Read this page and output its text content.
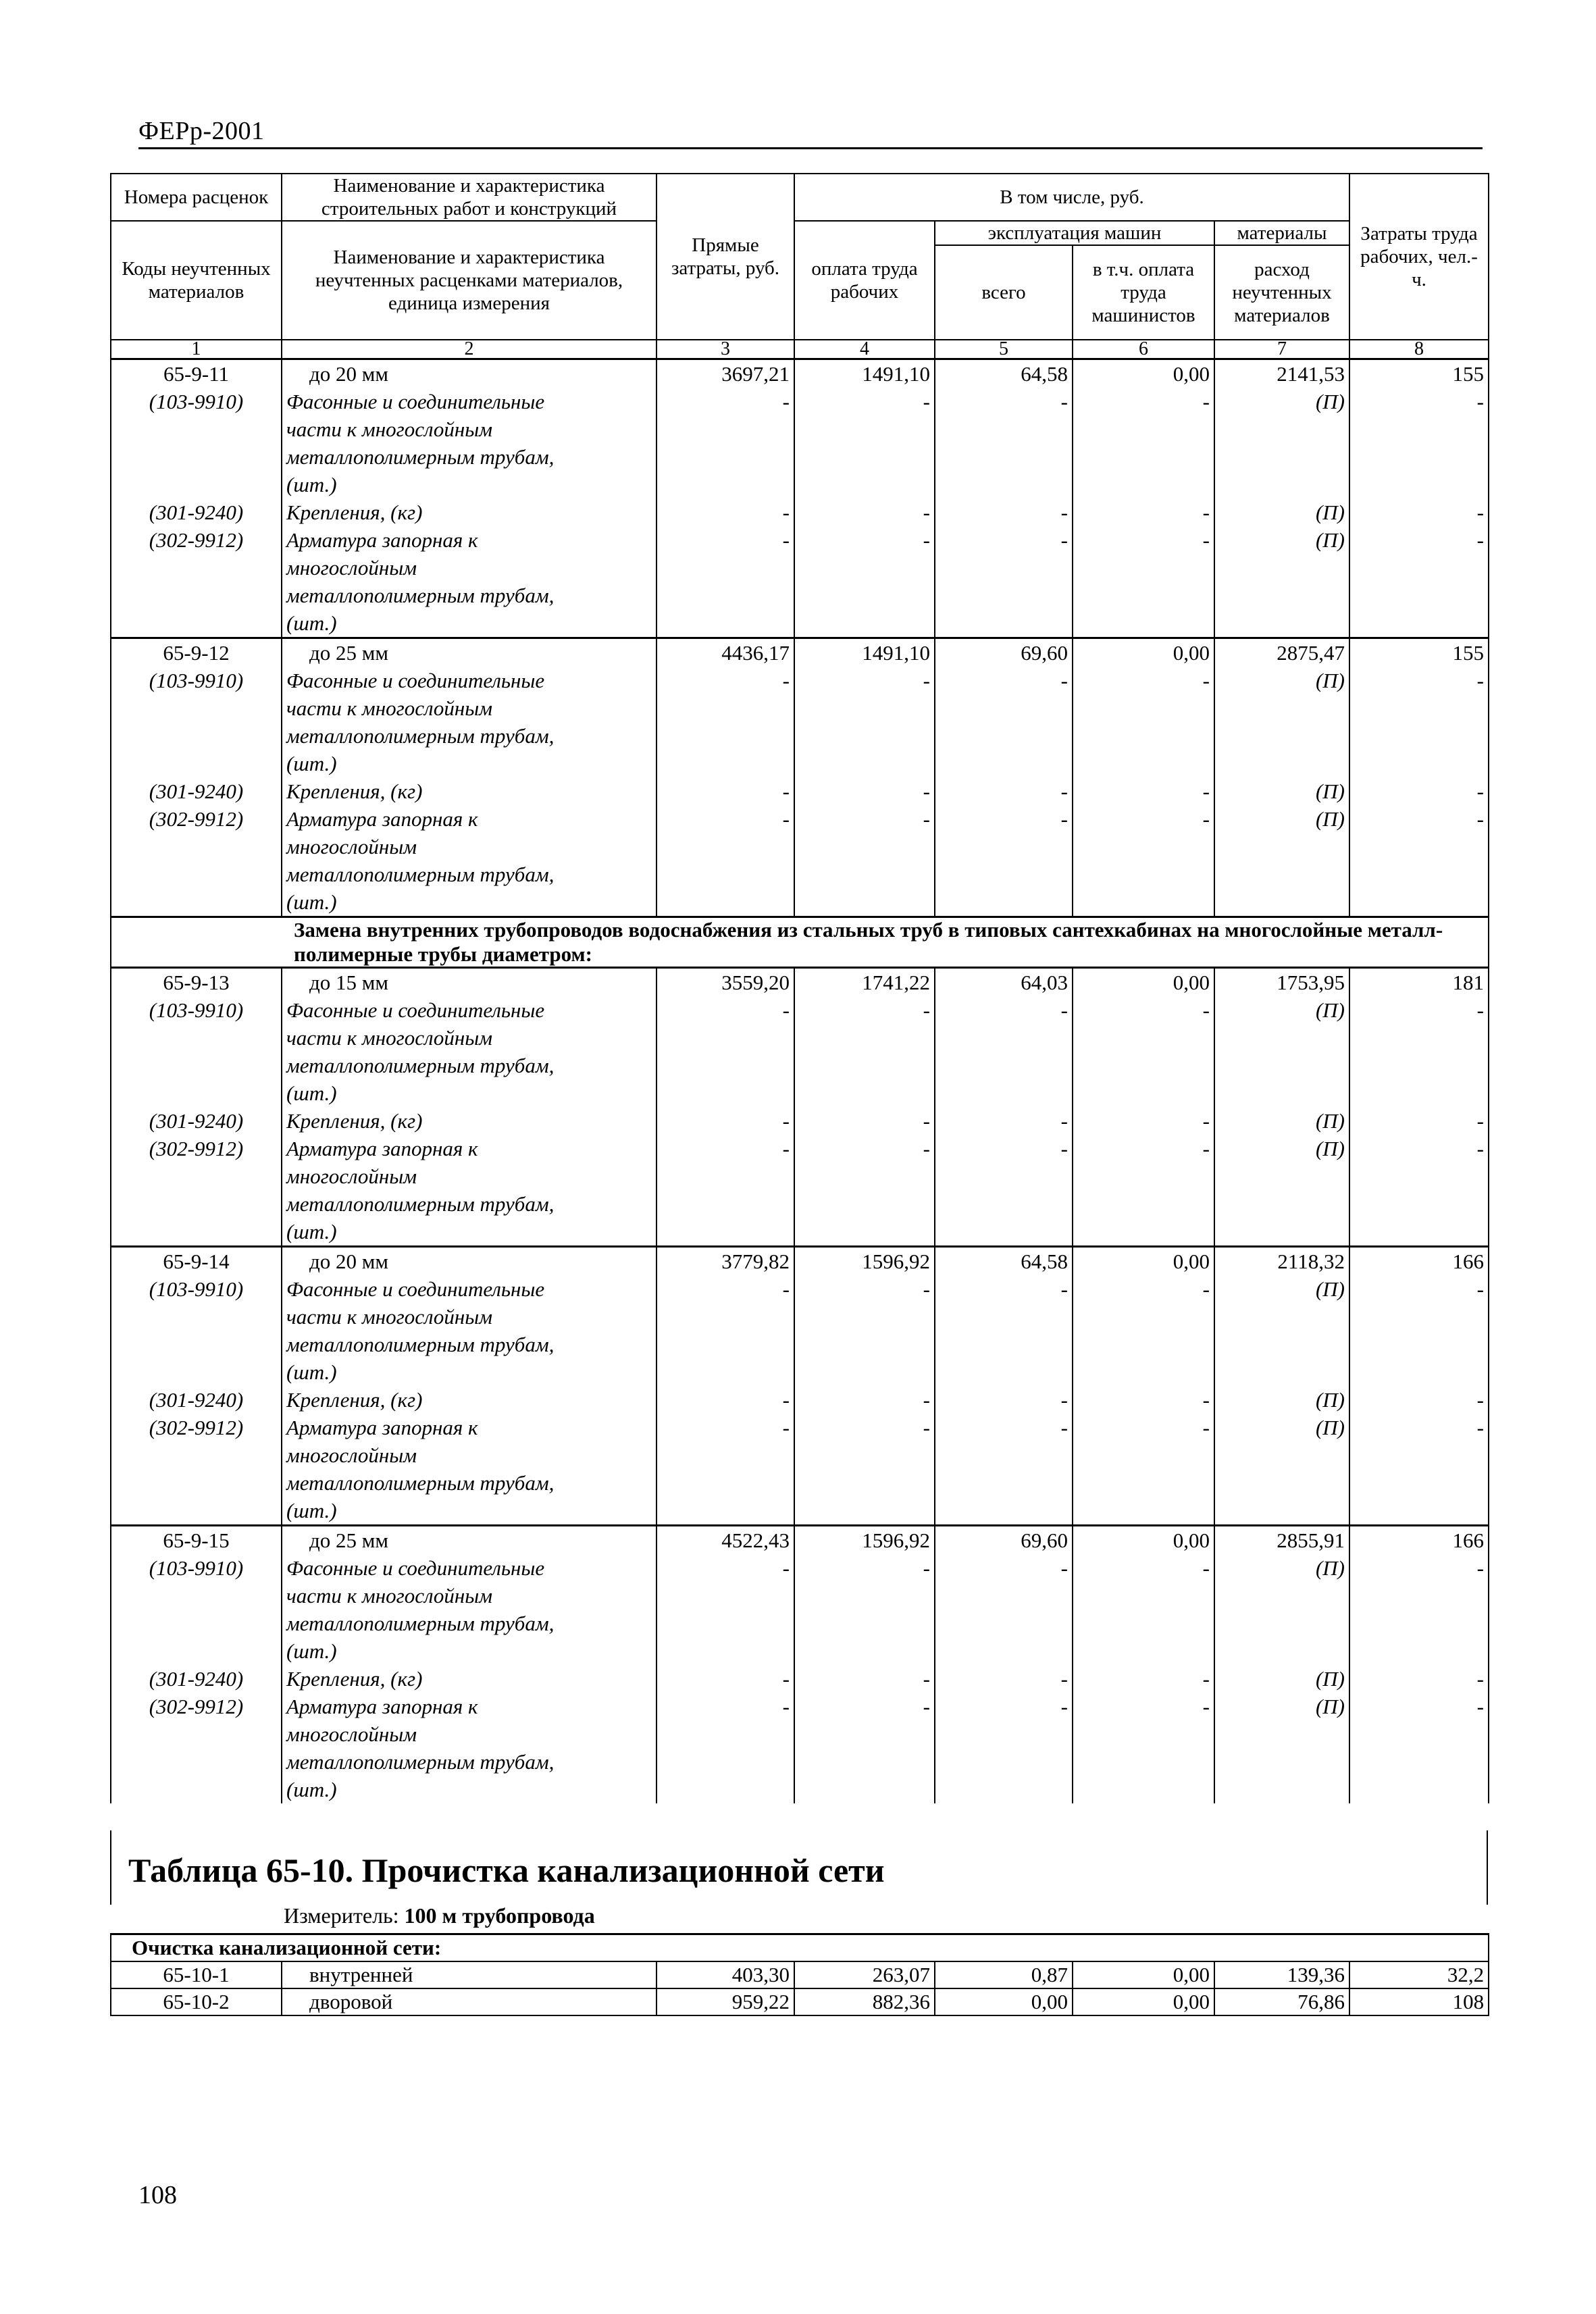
ФЕРр-2001
Номера расценок	Наименование и характеристика строительных работ и конструкций	Прямые затраты, руб.	В том числе, руб.				Затраты труда рабочих, чел.-ч.
Коды неучтенных материалов	Наименование и характеристика неучтенных расценками материалов, единица измерения		оплата труда рабочих	эксплуатация машин		материалы	
				всего	в т.ч. оплата труда машинистов	расход неучтенных материалов	
1	2	3	4	5	6	7	8
65-9-11	до 20 мм	3697,21	1491,10	64,58	0,00	2141,53	155
(103-9910)	Фасонные и соединительные	-	-	-	-	(П)	-
	части к многослойным						
	металлополимерным трубам,						
	(шт.)						
(301-9240)	Крепления, (кг)	-	-	-	-	(П)	-
(302-9912)	Арматура запорная к	-	-	-	-	(П)	-
	многослойным						
	металлополимерным трубам,						
	(шт.)						
65-9-12	до 25 мм	4436,17	1491,10	69,60	0,00	2875,47	155
(103-9910)	Фасонные и соединительные	-	-	-	-	(П)	-
	части к многослойным						
	металлополимерным трубам,						
	(шт.)						
(301-9240)	Крепления, (кг)	-	-	-	-	(П)	-
(302-9912)	Арматура запорная к	-	-	-	-	(П)	-
	многослойным						
	металлополимерным трубам,						
	(шт.)						
Замена внутренних трубопроводов водоснабжения из стальных труб в типовых сантехкабинах на многослойные металл-полимерные трубы диаметром:							
65-9-13	до 15 мм	3559,20	1741,22	64,03	0,00	1753,95	181
(103-9910)	Фасонные и соединительные	-	-	-	-	(П)	-
	части к многослойным						
	металлополимерным трубам,						
	(шт.)						
(301-9240)	Крепления, (кг)	-	-	-	-	(П)	-
(302-9912)	Арматура запорная к	-	-	-	-	(П)	-
	многослойным						
	металлополимерным трубам,						
	(шт.)						
65-9-14	до 20 мм	3779,82	1596,92	64,58	0,00	2118,32	166
(103-9910)	Фасонные и соединительные	-	-	-	-	(П)	-
	части к многослойным						
	металлополимерным трубам,						
	(шт.)						
(301-9240)	Крепления, (кг)	-	-	-	-	(П)	-
(302-9912)	Арматура запорная к	-	-	-	-	(П)	-
	многослойным						
	металлополимерным трубам,						
	(шт.)						
65-9-15	до 25 мм	4522,43	1596,92	69,60	0,00	2855,91	166
(103-9910)	Фасонные и соединительные	-	-	-	-	(П)	-
	части к многослойным						
	металлополимерным трубам,						
	(шт.)						
(301-9240)	Крепления, (кг)	-	-	-	-	(П)	-
(302-9912)	Арматура запорная к	-	-	-	-	(П)	-
	многослойным						
	металлополимерным трубам,						
	(шт.)						
Таблица 65-10. Прочистка канализационной сети
Измеритель: 100 м трубопровода
Очистка канализационной сети:							
65-10-1	внутренней	403,30	263,07	0,87	0,00	139,36	32,2
65-10-2	дворовой	959,22	882,36	0,00	0,00	76,86	108
108
